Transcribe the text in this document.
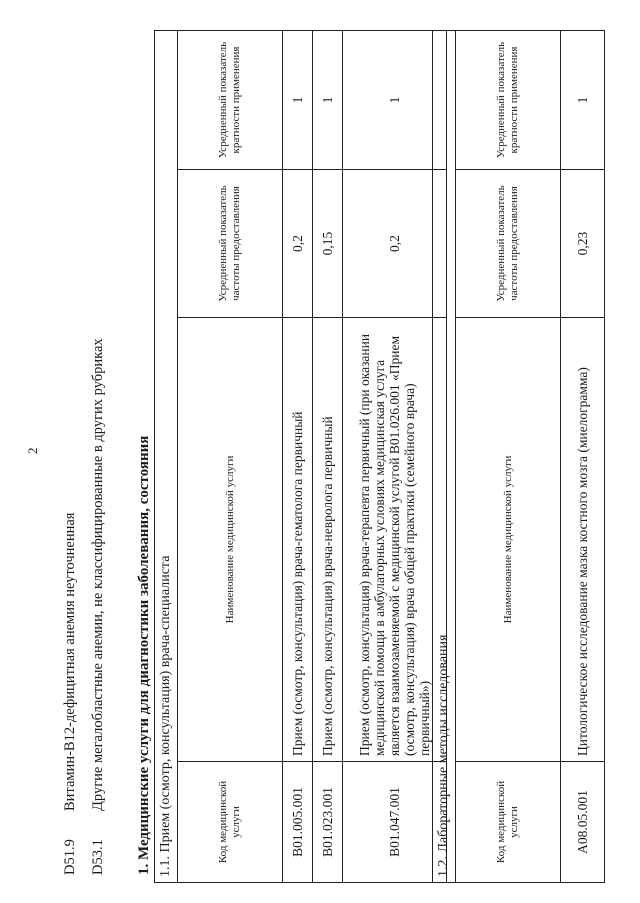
2
D51.9
Витамин-B12-дефицитная анемия неуточненная
D53.1
Другие мегалобластные анемии, не классифицированные в других рубриках 1. Медицинские услуги для диагностики заболевания, состояния 1.1. Прием (осмотр, консультация) врача-специалиста			
Код медицинской услуги	Наименование медицинской услуги	Усредненный показатель частоты предоставления	Усредненный показатель кратности применения
B01.005.001	Прием (осмотр, консультация) врача-гематолога первичный	0,2	1
B01.023.001	Прием (осмотр, консультация) врача-невролога первичный	0,15	1
B01.047.001	Прием (осмотр, консультация) врача-терапевта первичный (при оказании медицинской помощи в амбулаторных условиях медицинская услуга является взаимозаменяемой с медицинской услугой B01.026.001 «Прием (осмотр, консультация) врача общей практики (семейного врача) первичный»)	0,2	1
1.2. Лабораторные методы исследования			
Код медицинской услуги	Наименование медицинской услуги	Усредненный показатель частоты предоставления	Усредненный показатель кратности применения
A08.05.001	Цитологическое исследование мазка костного мозга (миелограмма)	0,23	1
